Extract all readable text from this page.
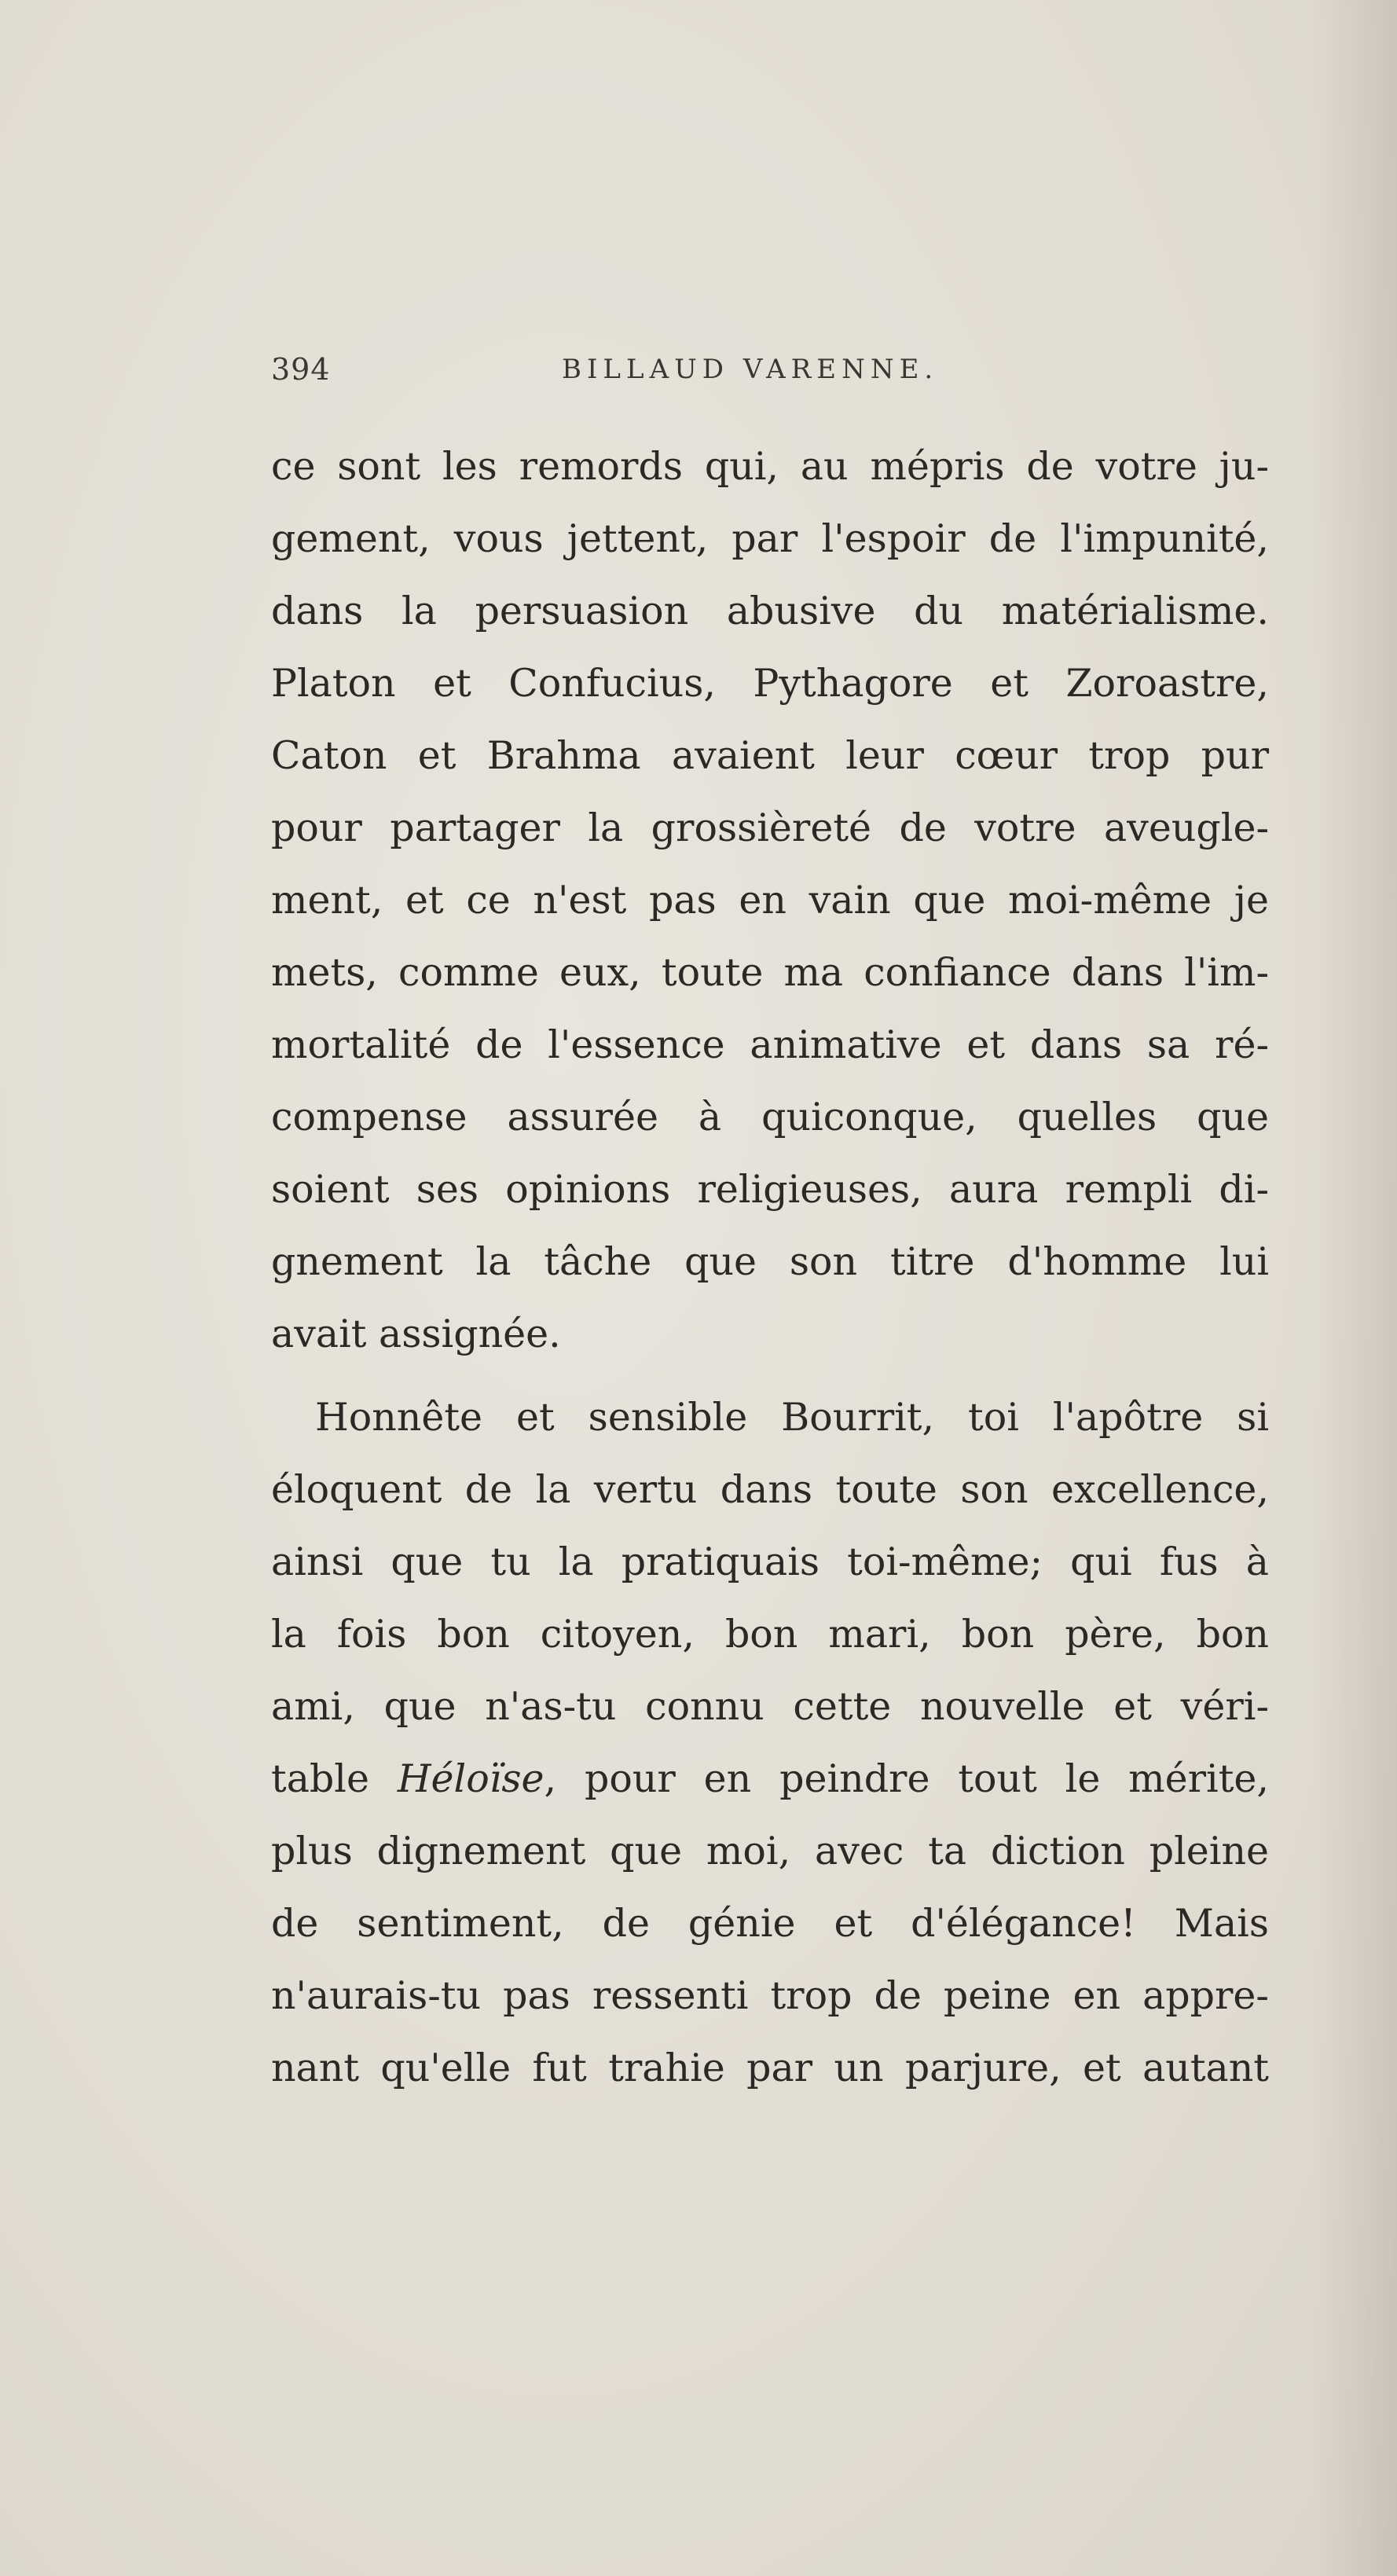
394	BILLAUD VARENNE.
ce sont les remords qui, au mépris de votre ju-
gement, vous jettent, par l'espoir de l'impunité,
dans la persuasion abusive du matérialisme.
Platon et Confucius, Pythagore et Zoroastre,
Caton et Brahma avaient leur cœur trop pur
pour partager la grossièreté de votre aveugle-
ment, et ce n'est pas en vain que moi-même je
mets, comme eux, toute ma confiance dans l'im-
mortalité de l'essence animative et dans sa ré-
compense assurée à quiconque, quelles que
soient ses opinions religieuses, aura rempli di-
gnement la tâche que son titre d'homme lui
avait assignée.
Honnête et sensible Bourrit, toi l'apôtre si
éloquent de la vertu dans toute son excellence,
ainsi que tu la pratiquais toi-même; qui fus à
la fois bon citoyen, bon mari, bon père, bon
ami, que n'as-tu connu cette nouvelle et véri-
table Héloïse, pour en peindre tout le mérite,
plus dignement que moi, avec ta diction pleine
de sentiment, de génie et d'élégance! Mais
n'aurais-tu pas ressenti trop de peine en appre-
nant qu'elle fut trahie par un parjure, et autant
